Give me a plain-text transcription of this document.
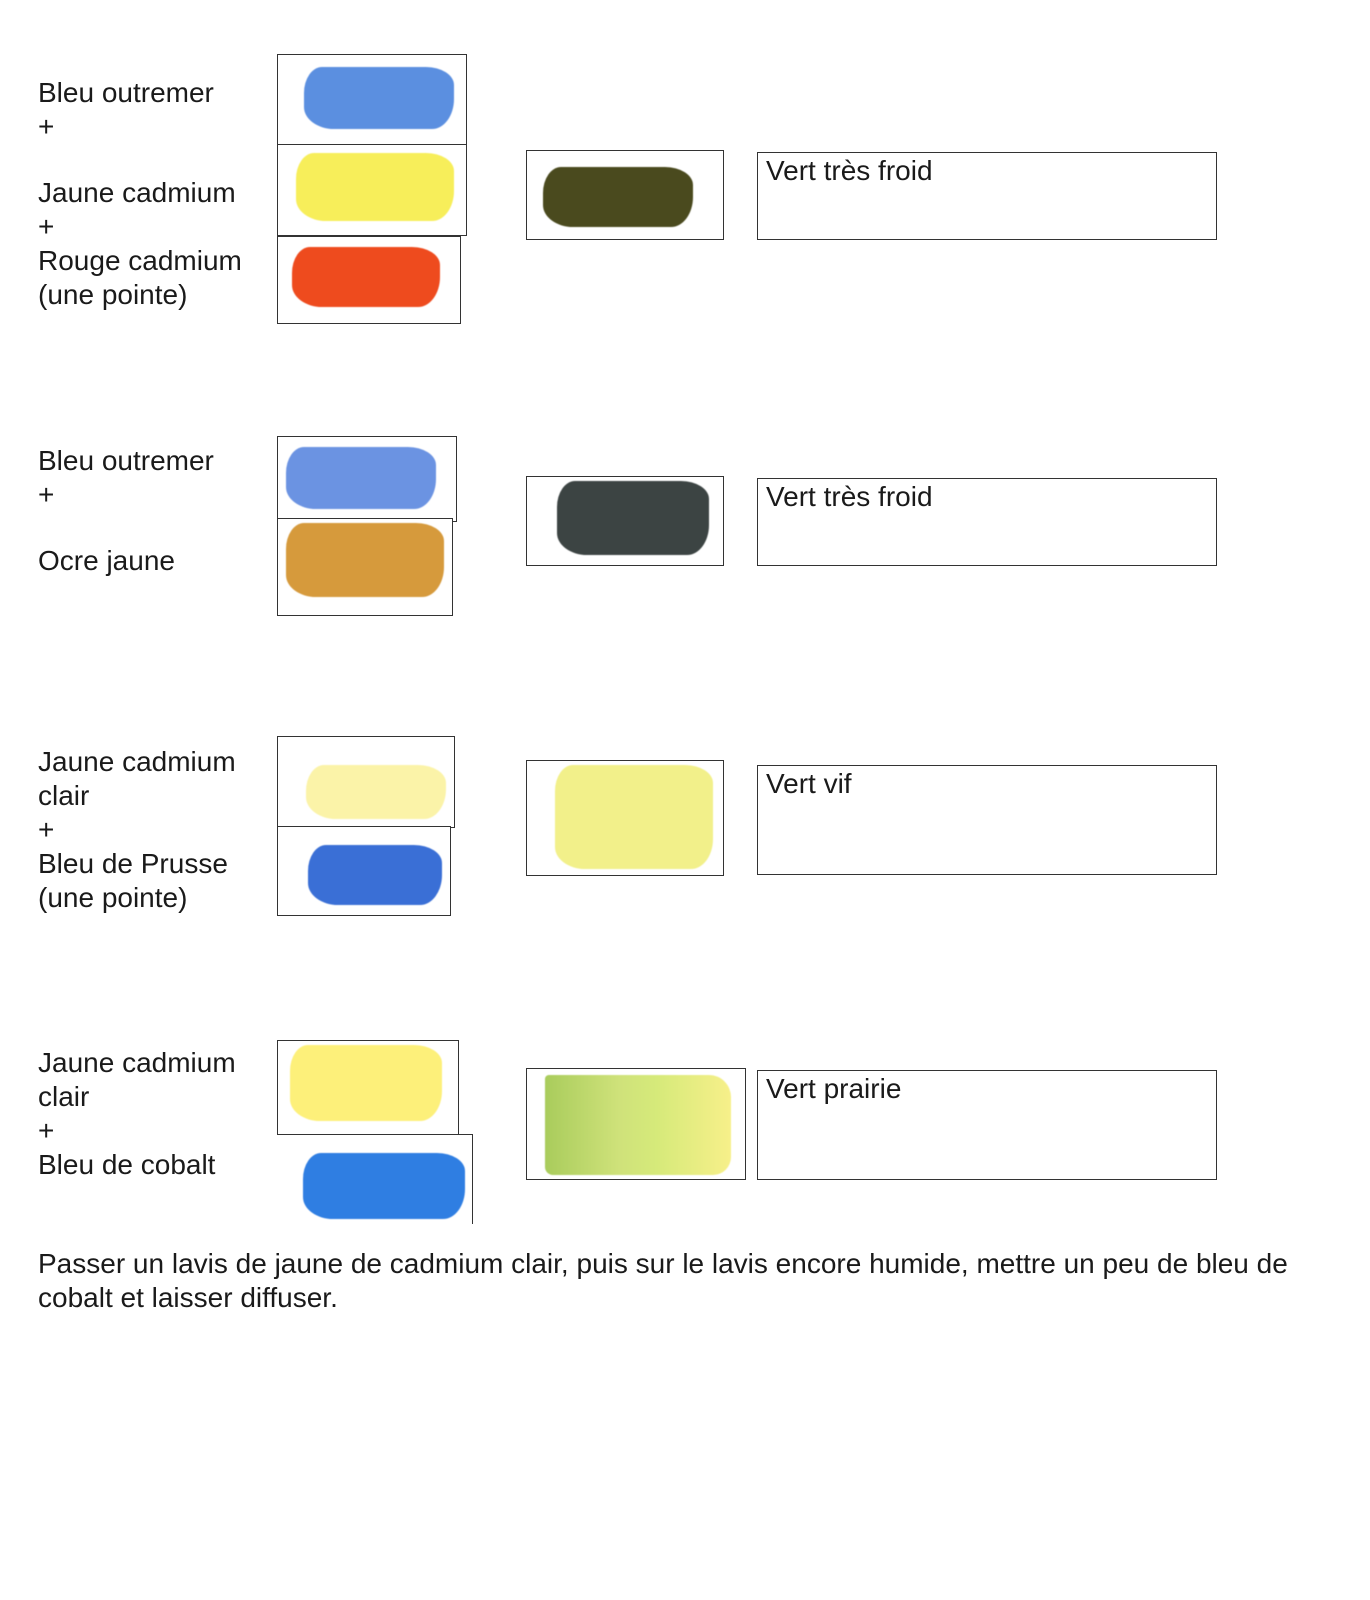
Bleu outremer
+
Jaune cadmium
+
Rouge cadmium
(une pointe)
Vert très froid
Bleu outremer
+
Ocre jaune
Vert très froid
Jaune cadmium
clair
+
Bleu de Prusse
(une pointe)
Vert vif
Jaune cadmium
clair
+
Bleu de cobalt
Vert prairie
Passer un lavis de jaune de cadmium clair, puis sur le lavis encore humide, mettre un peu de bleu de cobalt et laisser diffuser.
